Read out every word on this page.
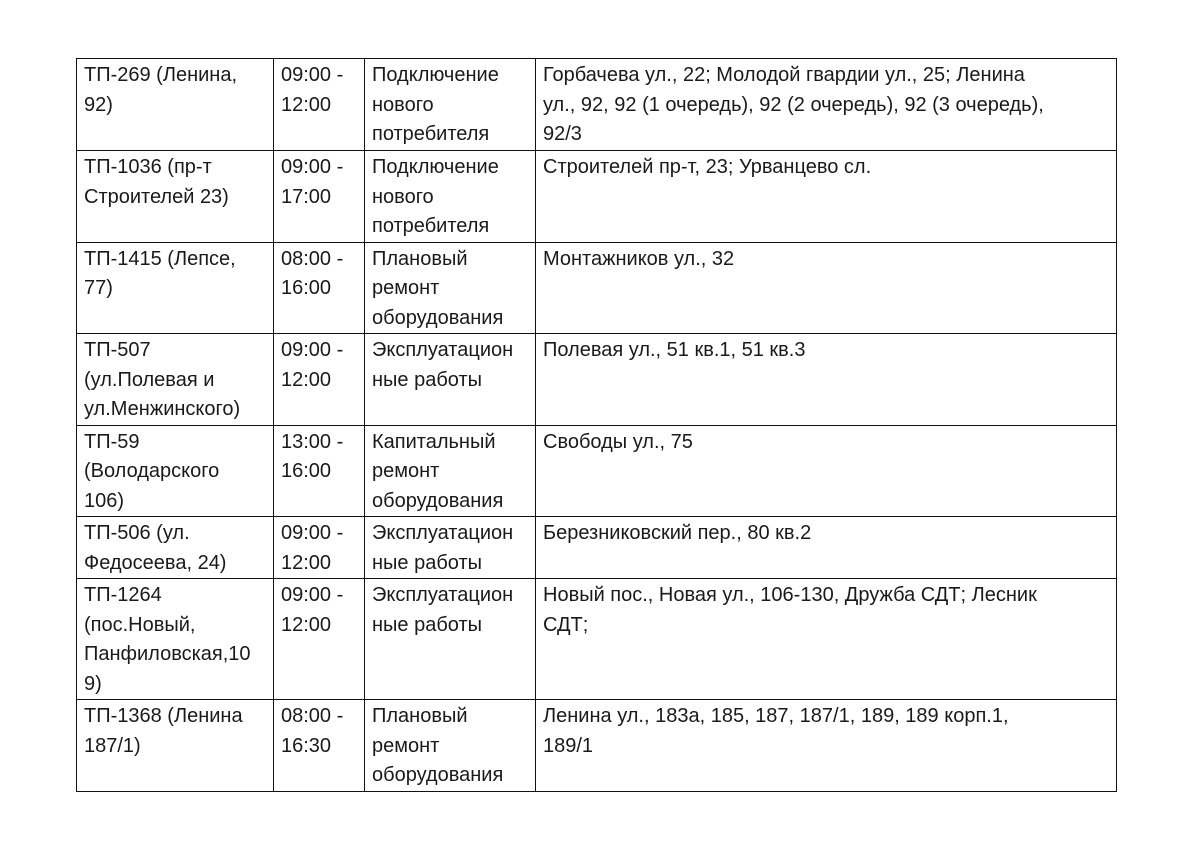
ТП-269 (Ленина,
92)	09:00 -
12:00	Подключение
нового
потребителя	Горбачева ул., 22; Молодой гвардии ул., 25; Ленина
ул., 92, 92 (1 очередь), 92 (2 очередь), 92 (3 очередь),
92/3

ТП-1036 (пр-т
Строителей 23)	09:00 -
17:00	Подключение
нового
потребителя	Строителей пр-т, 23; Урванцево сл.

ТП-1415 (Лепсе,
77)	08:00 -
16:00	Плановый
ремонт
оборудования	Монтажников ул., 32

ТП-507
(ул.Полевая и
ул.Менжинского)	09:00 -
12:00	Эксплуатацион
ные работы	Полевая ул., 51 кв.1, 51 кв.3

ТП-59
(Володарского
106)	13:00 -
16:00	Капитальный
ремонт
оборудования	Свободы ул., 75

ТП-506 (ул.
Федосеева, 24)	09:00 -
12:00	Эксплуатацион
ные работы	Березниковский пер., 80 кв.2

ТП-1264
(пос.Новый,
Панфиловская,10
9)	09:00 -
12:00	Эксплуатацион
ные работы	Новый пос., Новая ул., 106-130, Дружба СДТ; Лесник
СДТ;

ТП-1368 (Ленина
187/1)	08:00 -
16:30	Плановый
ремонт
оборудования	Ленина ул., 183а, 185, 187, 187/1, 189, 189 корп.1,
189/1
